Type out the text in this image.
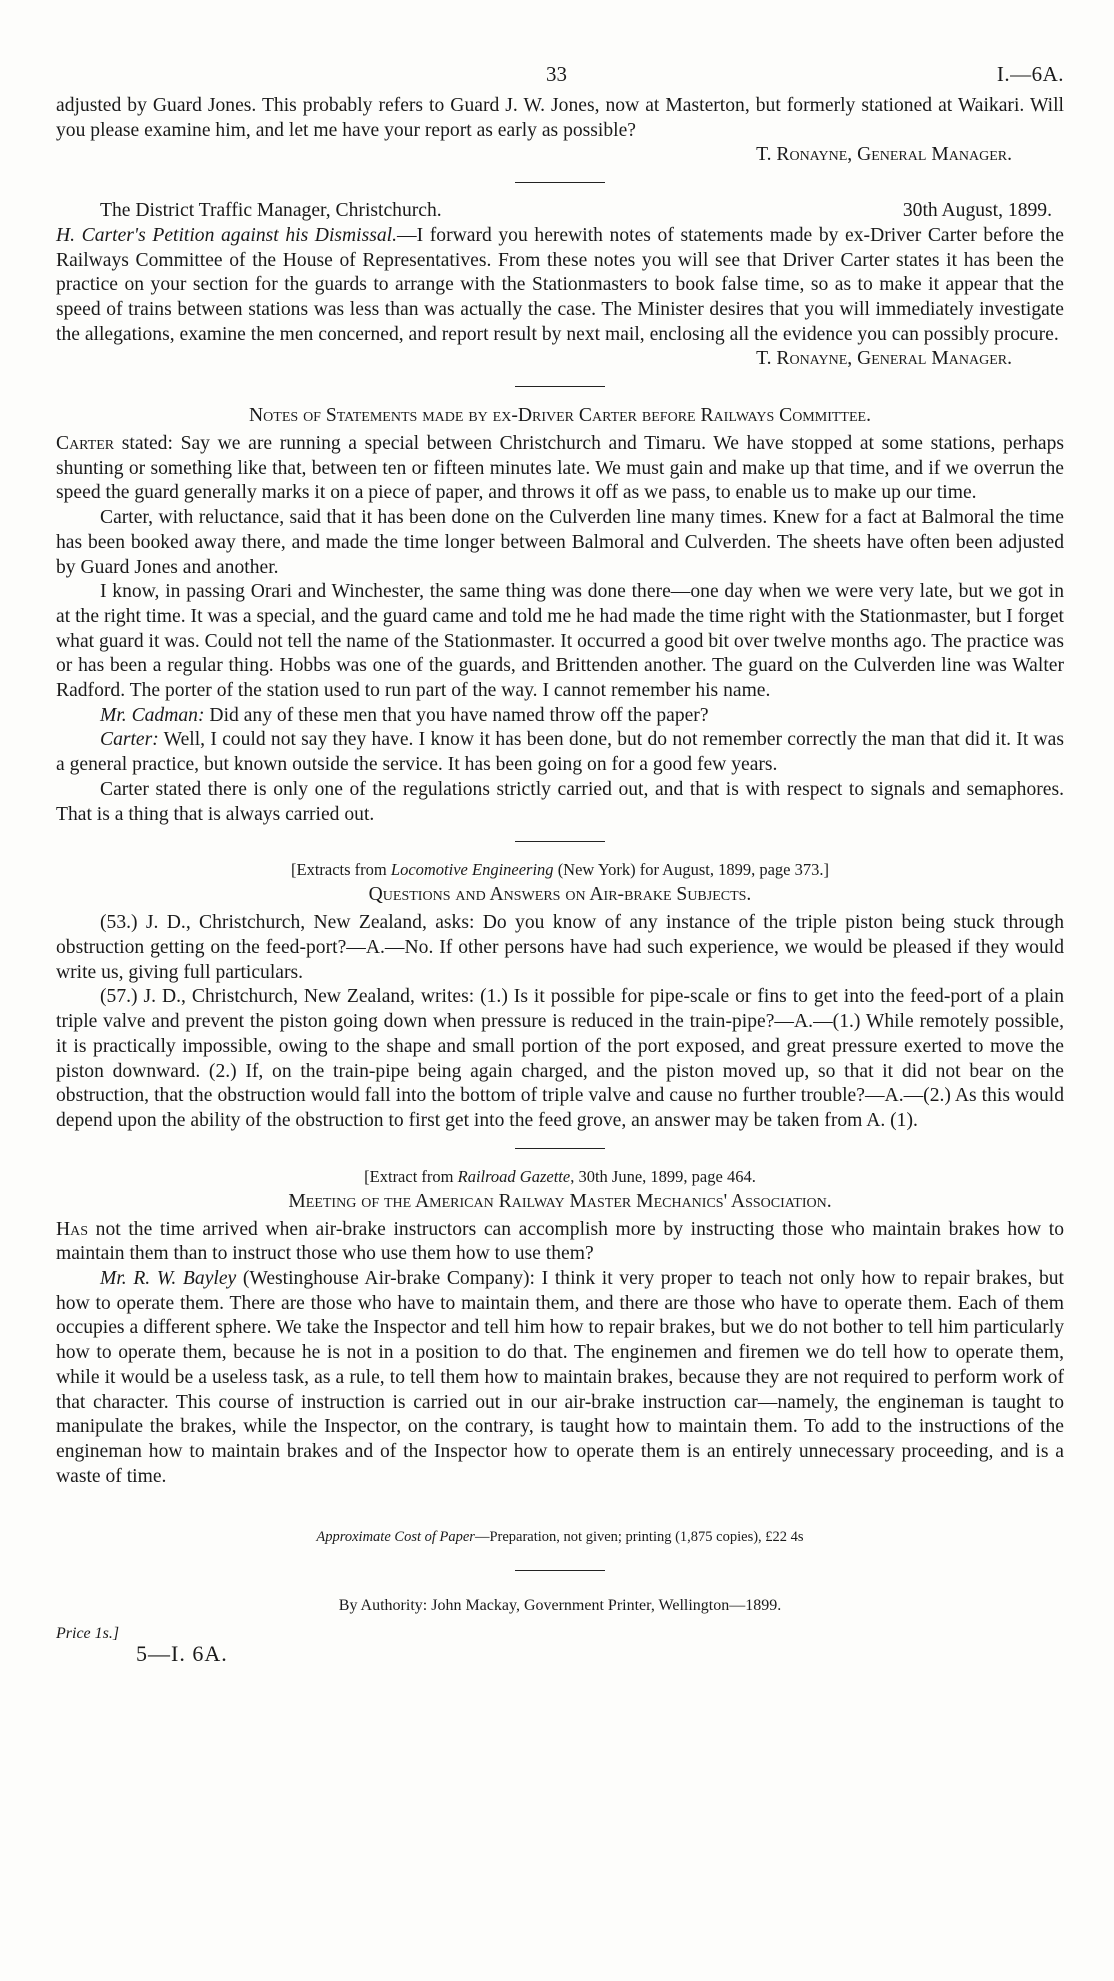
33	I.—6A.

adjusted by Guard Jones. This probably refers to Guard J. W. Jones, now at Masterton, but formerly stationed at Waikari. Will you please examine him, and let me have your report as early as possible?

T. Ronayne, General Manager.

The District Traffic Manager, Christchurch.	30th August, 1899.

H. Carter's Petition against his Dismissal.—I forward you herewith notes of statements made by ex-Driver Carter before the Railways Committee of the House of Representatives. From these notes you will see that Driver Carter states it has been the practice on your section for the guards to arrange with the Stationmasters to book false time, so as to make it appear that the speed of trains between stations was less than was actually the case. The Minister desires that you will immediately investigate the allegations, examine the men concerned, and report result by next mail, enclosing all the evidence you can possibly procure.

T. Ronayne, General Manager.

Notes of Statements made by ex-Driver Carter before Railways Committee.

Carter stated: Say we are running a special between Christchurch and Timaru. We have stopped at some stations, perhaps shunting or something like that, between ten or fifteen minutes late. We must gain and make up that time, and if we overrun the speed the guard generally marks it on a piece of paper, and throws it off as we pass, to enable us to make up our time.

Carter, with reluctance, said that it has been done on the Culverden line many times. Knew for a fact at Balmoral the time has been booked away there, and made the time longer between Balmoral and Culverden. The sheets have often been adjusted by Guard Jones and another.

I know, in passing Orari and Winchester, the same thing was done there—one day when we were very late, but we got in at the right time. It was a special, and the guard came and told me he had made the time right with the Stationmaster, but I forget what guard it was. Could not tell the name of the Stationmaster. It occurred a good bit over twelve months ago. The practice was or has been a regular thing. Hobbs was one of the guards, and Brittenden another. The guard on the Culverden line was Walter Radford. The porter of the station used to run part of the way. I cannot remember his name.

Mr. Cadman: Did any of these men that you have named throw off the paper?

Carter: Well, I could not say they have. I know it has been done, but do not remember correctly the man that did it. It was a general practice, but known outside the service. It has been going on for a good few years.

Carter stated there is only one of the regulations strictly carried out, and that is with respect to signals and semaphores. That is a thing that is always carried out.

[Extracts from Locomotive Engineering (New York) for August, 1899, page 373.]
Questions and Answers on Air-brake Subjects.

(53.) J. D., Christchurch, New Zealand, asks: Do you know of any instance of the triple piston being stuck through obstruction getting on the feed-port?—A.—No. If other persons have had such experience, we would be pleased if they would write us, giving full particulars.

(57.) J. D., Christchurch, New Zealand, writes: (1.) Is it possible for pipe-scale or fins to get into the feed-port of a plain triple valve and prevent the piston going down when pressure is reduced in the train-pipe?—A.—(1.) While remotely possible, it is practically impossible, owing to the shape and small portion of the port exposed, and great pressure exerted to move the piston downward. (2.) If, on the train-pipe being again charged, and the piston moved up, so that it did not bear on the obstruction, that the obstruction would fall into the bottom of triple valve and cause no further trouble?—A.—(2.) As this would depend upon the ability of the obstruction to first get into the feed grove, an answer may be taken from A. (1).

[Extract from Railroad Gazette, 30th June, 1899, page 464.
Meeting of the American Railway Master Mechanics' Association.

Has not the time arrived when air-brake instructors can accomplish more by instructing those who maintain brakes how to maintain them than to instruct those who use them how to use them?

Mr. R. W. Bayley (Westinghouse Air-brake Company): I think it very proper to teach not only how to repair brakes, but how to operate them. There are those who have to maintain them, and there are those who have to operate them. Each of them occupies a different sphere. We take the Inspector and tell him how to repair brakes, but we do not bother to tell him particularly how to operate them, because he is not in a position to do that. The enginemen and firemen we do tell how to operate them, while it would be a useless task, as a rule, to tell them how to maintain brakes, because they are not required to perform work of that character. This course of instruction is carried out in our air-brake instruction car—namely, the engineman is taught to manipulate the brakes, while the Inspector, on the contrary, is taught how to maintain them. To add to the instructions of the engineman how to maintain brakes and of the Inspector how to operate them is an entirely unnecessary proceeding, and is a waste of time.

Approximate Cost of Paper—Preparation, not given; printing (1,875 copies), £22 4s
By Authority: John Mackay, Government Printer, Wellington—1899.
Price 1s.]
5—I. 6A.
